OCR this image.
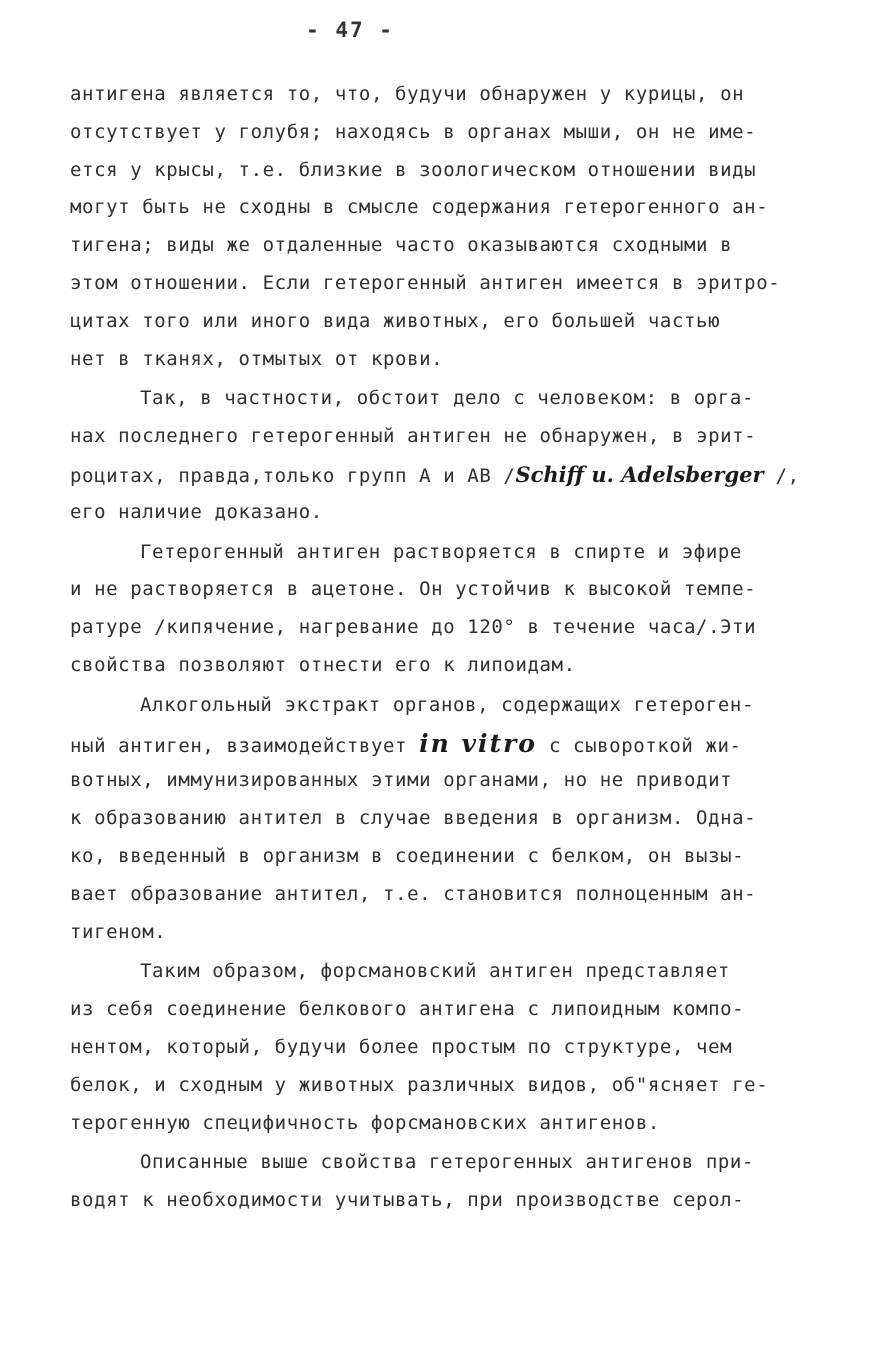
- 47 -
антигена является то, что, будучи обнаружен у курицы, он
отсутствует у голубя; находясь в органах мыши, он не име-
ется у крысы, т.е. близкие в зоологическом отношении виды
могут быть не сходны в смысле содержания гетерогенного ан-
тигена; виды же отдаленные часто оказываются сходными в
этом отношении. Если гетерогенный антиген имеется в эритро-
цитах того или иного вида животных, его большей частью
нет в тканях, отмытых от крови.
Так, в частности, обстоит дело с человеком: в орга-
нах последнего гетерогенный антиген не обнаружен, в эрит-
роцитах, правда,только групп А и АВ /Schiff u. Adelsberger /,
его наличие доказано.
Гетерогенный антиген растворяется в спирте и эфире
и не растворяется в ацетоне. Он устойчив к высокой темпе-
ратуре /кипячение, нагревание до 120° в течение часа/.Эти
свойства позволяют отнести его к липоидам.
Алкогольный экстракт органов, содержащих гетероген-
ный антиген, взаимодействует in vitro с сывороткой жи-
вотных, иммунизированных этими органами, но не приводит
к образованию антител в случае введения в организм. Одна-
ко, введенный в организм в соединении с белком, он вызы-
вает образование антител, т.е. становится полноценным ан-
тигеном.
Таким образом, форсмановский антиген представляет
из себя соединение белкового антигена с липоидным компо-
нентом, который, будучи более простым по структуре, чем
белок, и сходным у животных различных видов, об"ясняет ге-
терогенную специфичность форсмановских антигенов.
Описанные выше свойства гетерогенных антигенов при-
водят к необходимости учитывать, при производстве серол-
